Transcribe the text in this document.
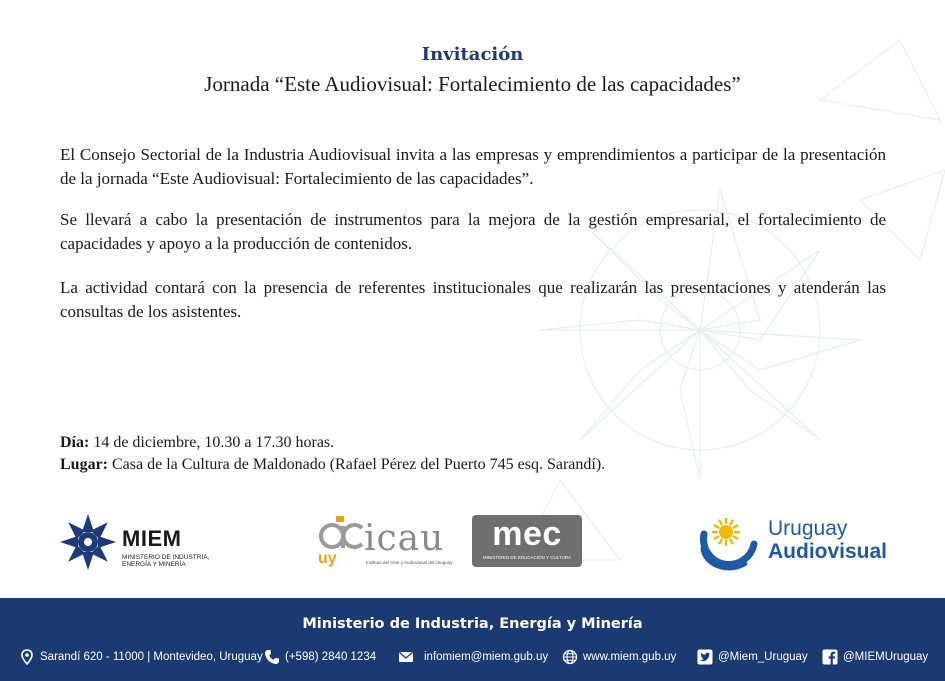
Invitación
Jornada “Este Audiovisual: Fortalecimiento de las capacidades”

El Consejo Sectorial de la Industria Audiovisual invita a las empresas y emprendimientos a participar de la presentación de la jornada “Este Audiovisual: Fortalecimiento de las capacidades”.

Se llevará a cabo la presentación de instrumentos para la mejora de la gestión empresarial, el fortalecimiento de capacidades y apoyo a la producción de contenidos.

La actividad contará con la presencia de referentes institucionales que realizarán las presentaciones y atenderán las consultas de los asistentes.

Día: 14 de diciembre, 10.30 a 17.30 horas.
Lugar: Casa de la Cultura de Maldonado (Rafael Pérez del Puerto 745 esq. Sarandí).
MIEM
MINISTERIO DE INDUSTRIA, ENERGÍA Y MINERÍA	uy icau
Instituto del Cine y Audiovisual del Uruguay
mec
MINISTERIO DE EDUCACIÓN Y CULTURA
Uruguay
Audiovisual
Ministerio de Industria, Energía y Minería
Sarandí 620 - 11000 | Montevideo, Uruguay (+598) 2840 1234	infomiem@miem.gub.uy	www.miem.gub.uy	@Miem_Uruguay	@MIEMUruguay
